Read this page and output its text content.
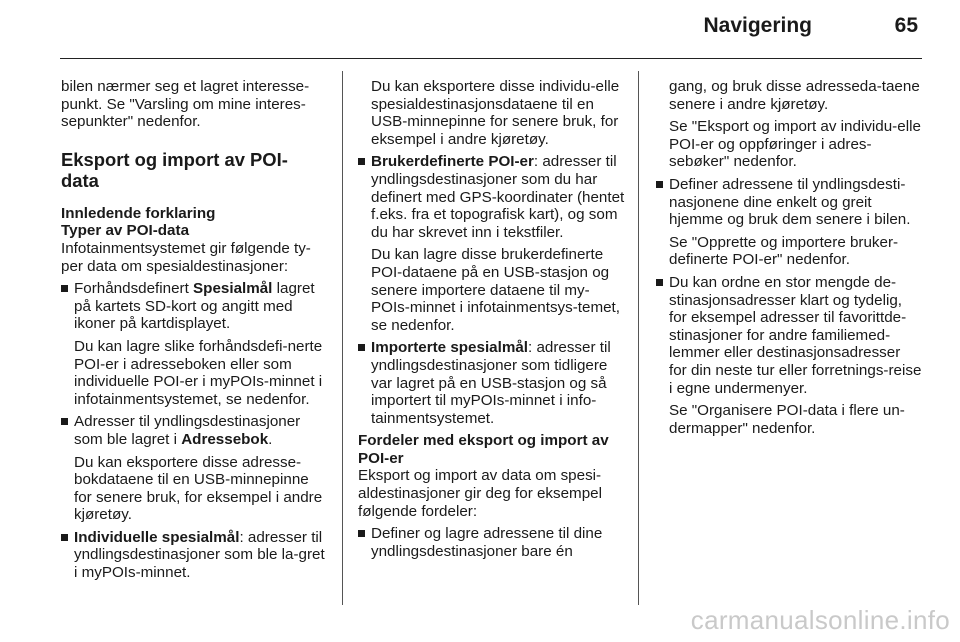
Navigering	65

bilen nærmer seg et lagret interesse-punkt. Se "Varsling om mine interes-sepunkter" nedenfor.

Eksport og import av POI-data
Innledende forklaring
Typer av POI-data

Infotainmentsystemet gir følgende ty-per data om spesialdestinasjoner:

Forhåndsdefinert Spesialmål lagret på kartets SD-kort og angitt med ikoner på kartdisplayet.

Du kan lagre slike forhåndsdefi-nerte POI-er i adresseboken eller som individuelle POI-er i myPOIs-minnet i infotainmentsystemet, se nedenfor.

Adresser til yndlingsdestinasjoner som ble lagret i Adressebok.

Du kan eksportere disse adresse-bokdataene til en USB-minnepinne for senere bruk, for eksempel i andre kjøretøy.

Individuelle spesialmål: adresser til yndlingsdestinasjoner som ble la-gret i myPOIs-minnet.

Du kan eksportere disse individu-elle spesialdestinasjonsdataene til en USB-minnepinne for senere bruk, for eksempel i andre kjøretøy.

Brukerdefinerte POI-er: adresser til yndlingsdestinasjoner som du har definert med GPS-koordinater (hentet f.eks. fra et topografisk kart), og som du har skrevet inn i tekstfiler.

Du kan lagre disse brukerdefinerte POI-dataene på en USB-stasjon og senere importere dataene til my-POIs-minnet i infotainmentsys-temet, se nedenfor.

Importerte spesialmål: adresser til yndlingsdestinasjoner som tidligere var lagret på en USB-stasjon og så importert til myPOIs-minnet i info-tainmentsystemet.
Fordeler med eksport og import av POI-er

Eksport og import av data om spesi-aldestinasjoner gir deg for eksempel følgende fordeler:

Definer og lagre adressene til dine yndlingsdestinasjoner bare én

gang, og bruk disse adresseda-taene senere i andre kjøretøy.

Se "Eksport og import av individu-elle POI-er og oppføringer i adres-sebøker" nedenfor.

Definer adressene til yndlingsdesti-nasjonene dine enkelt og greit hjemme og bruk dem senere i bilen.

Se "Opprette og importere bruker-definerte POI-er" nedenfor.

Du kan ordne en stor mengde de-stinasjonsadresser klart og tydelig, for eksempel adresser til favorittde-stinasjoner for andre familiemed-lemmer eller destinasjonsadresser for din neste tur eller forretnings-reise i egne undermenyer.

Se "Organisere POI-data i flere un-dermapper" nedenfor.

carmanualsonline.info
